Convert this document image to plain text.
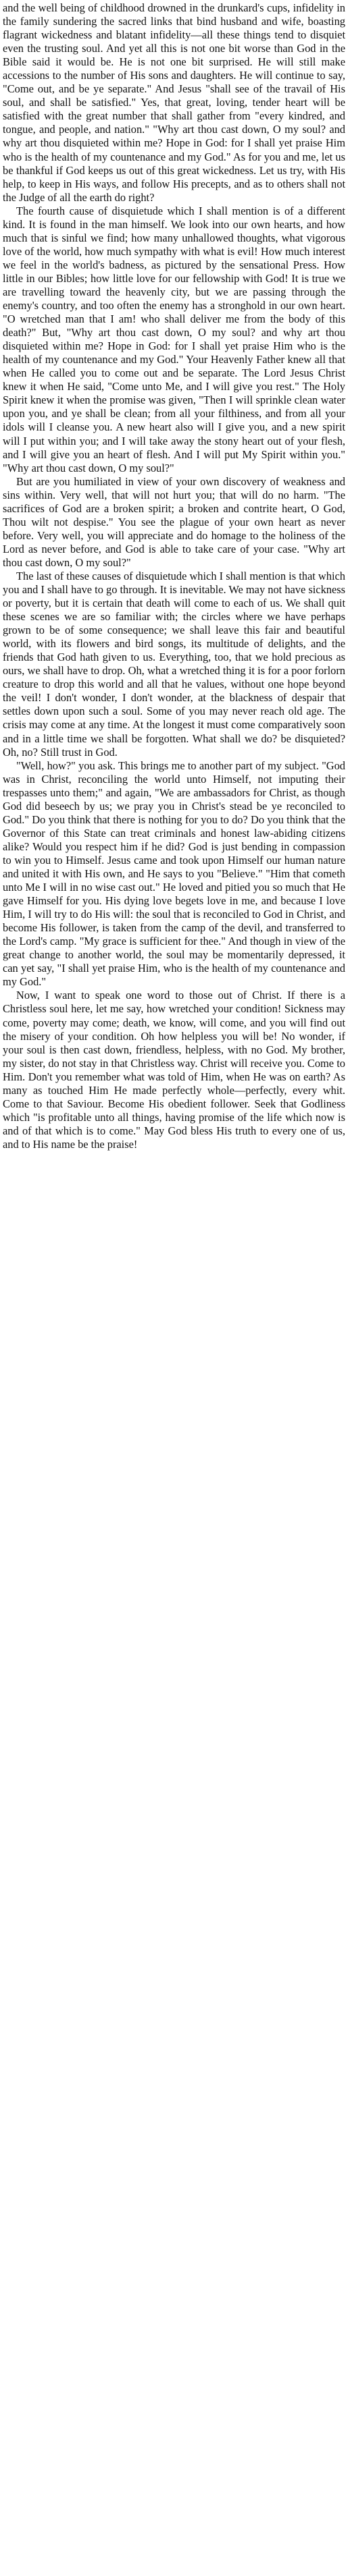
and the well being of childhood drowned in the drunkard's cups, infidelity in the family sundering the sacred links that bind husband and wife, boasting flagrant wickedness and blatant infidelity—all these things tend to disquiet even the trusting soul. And yet all this is not one bit worse than God in the Bible said it would be. He is not one bit surprised. He will still make accessions to the number of His sons and daughters. He will continue to say, "Come out, and be ye separate." And Jesus "shall see of the travail of His soul, and shall be satisfied." Yes, that great, loving, tender heart will be satisfied with the great number that shall gather from "every kindred, and tongue, and people, and nation." "Why art thou cast down, O my soul? and why art thou disquieted within me? Hope in God: for I shall yet praise Him who is the health of my countenance and my God." As for you and me, let us be thankful if God keeps us out of this great wickedness. Let us try, with His help, to keep in His ways, and follow His precepts, and as to others shall not the Judge of all the earth do right?

The fourth cause of disquietude which I shall mention is of a different kind. It is found in the man himself. We look into our own hearts, and how much that is sinful we find; how many unhallowed thoughts, what vigorous love of the world, how much sympathy with what is evil! How much interest we feel in the world's badness, as pictured by the sensational Press. How little in our Bibles; how little love for our fellowship with God! It is true we are travelling toward the heavenly city, but we are passing through the enemy's country, and too often the enemy has a stronghold in our own heart. "O wretched man that I am! who shall deliver me from the body of this death?" But, "Why art thou cast down, O my soul? and why art thou disquieted within me? Hope in God: for I shall yet praise Him who is the health of my countenance and my God." Your Heavenly Father knew all that when He called you to come out and be separate. The Lord Jesus Christ knew it when He said, "Come unto Me, and I will give you rest." The Holy Spirit knew it when the promise was given, "Then I will sprinkle clean water upon you, and ye shall be clean; from all your filthiness, and from all your idols will I cleanse you. A new heart also will I give you, and a new spirit will I put within you; and I will take away the stony heart out of your flesh, and I will give you an heart of flesh. And I will put My Spirit within you." "Why art thou cast down, O my soul?"

But are you humiliated in view of your own discovery of weakness and sins within. Very well, that will not hurt you; that will do no harm. "The sacrifices of God are a broken spirit; a broken and contrite heart, O God, Thou wilt not despise." You see the plague of your own heart as never before. Very well, you will appreciate and do homage to the holiness of the Lord as never before, and God is able to take care of your case. "Why art thou cast down, O my soul?"

The last of these causes of disquietude which I shall mention is that which you and I shall have to go through. It is inevitable. We may not have sickness or poverty, but it is certain that death will come to each of us. We shall quit these scenes we are so familiar with; the circles where we have perhaps grown to be of some consequence; we shall leave this fair and beautiful world, with its flowers and bird songs, its multitude of delights, and the friends that God hath given to us. Everything, too, that we hold precious as ours, we shall have to drop. Oh, what a wretched thing it is for a poor forlorn creature to drop this world and all that he values, without one hope beyond the veil! I don't wonder, I don't wonder, at the blackness of despair that settles down upon such a soul. Some of you may never reach old age. The crisis may come at any time. At the longest it must come comparatively soon and in a little time we shall be forgotten. What shall we do? be disquieted? Oh, no? Still trust in God.

"Well, how?" you ask. This brings me to another part of my subject. "God was in Christ, reconciling the world unto Himself, not imputing their trespasses unto them;" and again, "We are ambassadors for Christ, as though God did beseech by us; we pray you in Christ's stead be ye reconciled to God." Do you think that there is nothing for you to do? Do you think that the Governor of this State can treat criminals and honest law-abiding citizens alike? Would you respect him if he did? God is just bending in compassion to win you to Himself. Jesus came and took upon Himself our human nature and united it with His own, and He says to you "Believe." "Him that cometh unto Me I will in no wise cast out." He loved and pitied you so much that He gave Himself for you. His dying love begets love in me, and because I love Him, I will try to do His will: the soul that is reconciled to God in Christ, and become His follower, is taken from the camp of the devil, and transferred to the Lord's camp. "My grace is sufficient for thee." And though in view of the great change to another world, the soul may be momentarily depressed, it can yet say, "I shall yet praise Him, who is the health of my countenance and my God."

Now, I want to speak one word to those out of Christ. If there is a Christless soul here, let me say, how wretched your condition! Sickness may come, poverty may come; death, we know, will come, and you will find out the misery of your condition. Oh how helpless you will be! No wonder, if your soul is then cast down, friendless, helpless, with no God. My brother, my sister, do not stay in that Christless way. Christ will receive you. Come to Him. Don't you remember what was told of Him, when He was on earth? As many as touched Him He made perfectly whole—perfectly, every whit. Come to that Saviour. Become His obedient follower. Seek that Godliness which "is profitable unto all things, having promise of the life which now is and of that which is to come." May God bless His truth to every one of us, and to His name be the praise!
